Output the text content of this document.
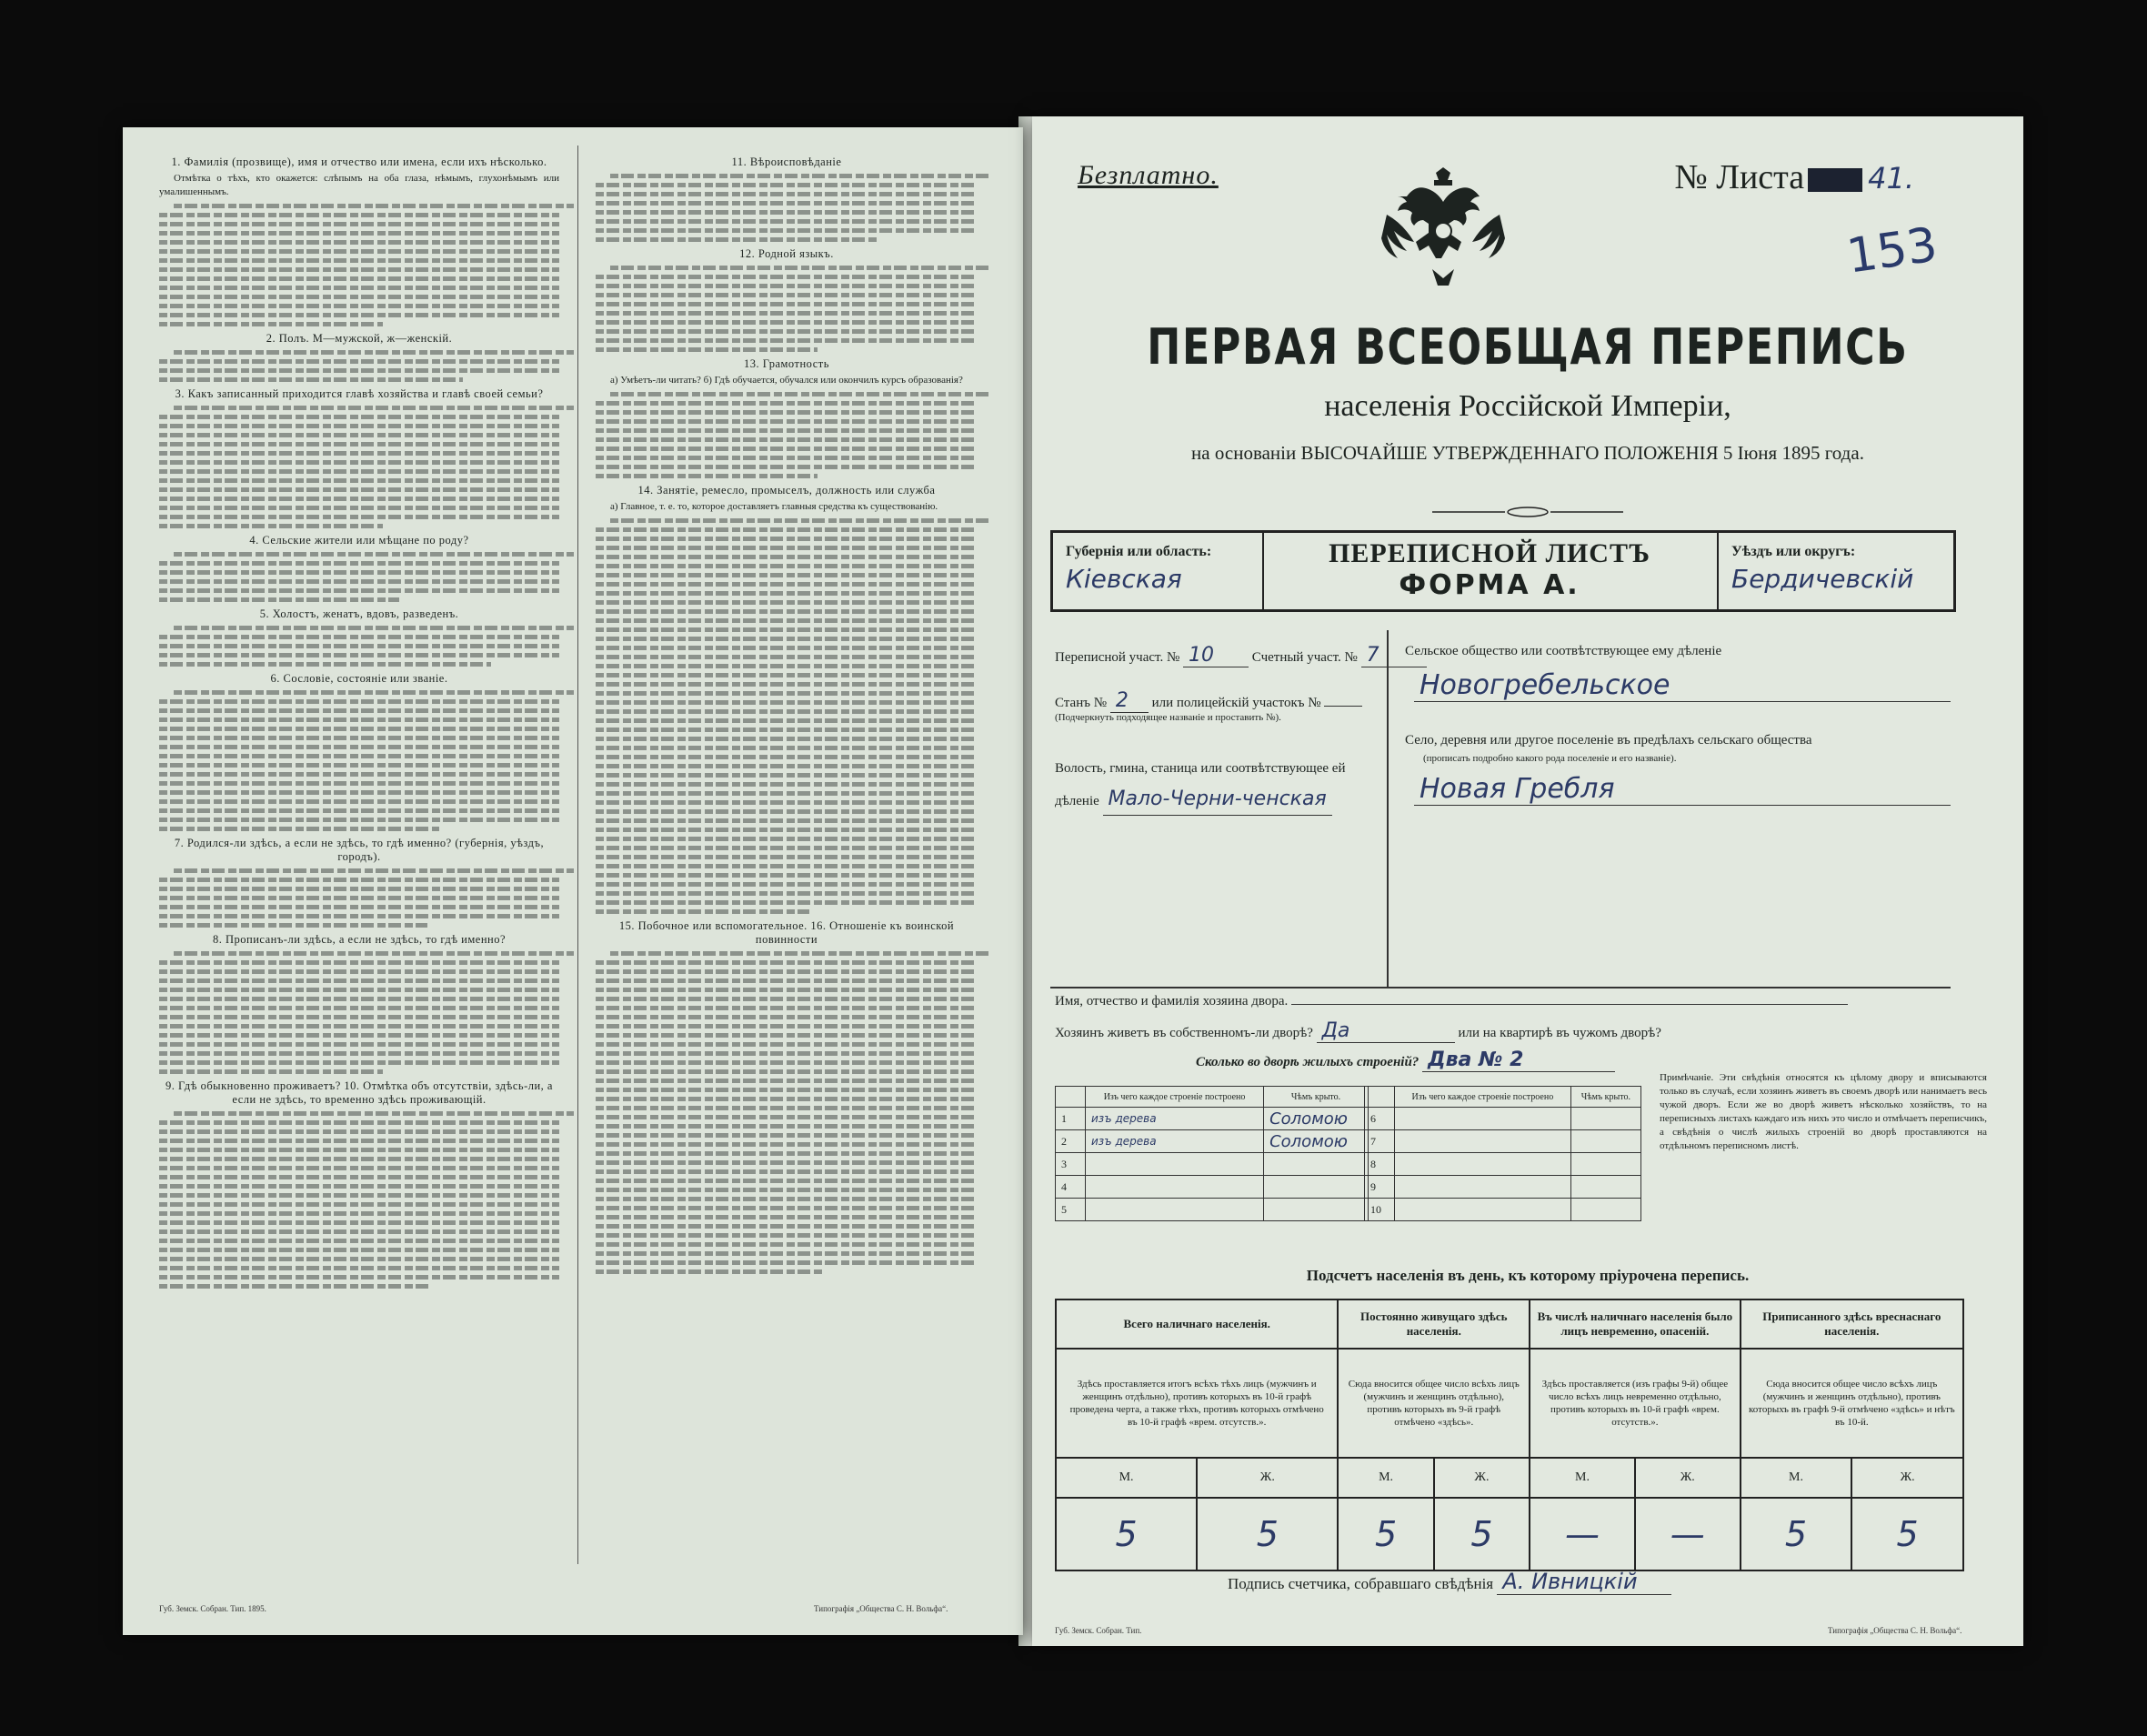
1. Фамилія (прозвище), имя и отчество или имена, если ихъ нѣсколько.

Отмѣтка о тѣхъ, кто окажется: слѣпымъ на оба глаза, нѣмымъ, глухонѣмымъ или умалишеннымъ.

2. Полъ. М—мужской, ж—женскій.
3. Какъ записанный приходится главѣ хозяйства и главѣ своей семьи?
4. Сельские жители или мѣщане по роду?
5. Холостъ, женатъ, вдовъ, разведенъ.
6. Сословіе, состояніе или званіе.
7. Родился-ли здѣсь, а если не здѣсь, то гдѣ именно? (губернія, уѣздъ, городъ).
8. Прописанъ-ли здѣсь, а если не здѣсь, то гдѣ именно?
9. Гдѣ обыкновенно проживаетъ? 10. Отмѣтка объ отсутствіи, здѣсь-ли, а если не здѣсь, то временно здѣсь проживающій.
11. Вѣроисповѣданіе
12. Родной языкъ.
13. Грамотность

а) Умѣетъ-ли читать? б) Гдѣ обучается, обучался или окончилъ курсъ образованія?

14. Занятіе, ремесло, промыселъ, должность или служба

а) Главное, т. е. то, которое доставляетъ главныя средства къ существованію.

15. Побочное или вспомогательное. 16. Отношеніе къ воинской повинности
Губ. Земск. Собран. Тип. 1895.	Типографія „Общества С. Н. Вольфа“.
Безплатно.	№ Листа 41.
153
ПЕРВАЯ ВСЕОБЩАЯ ПЕРЕПИСЬ
населенія Россійской Имперіи,
на основаніи ВЫСОЧАЙШЕ УТВЕРЖДЕННАГО ПОЛОЖЕНІЯ 5 Іюня 1895 года.
Губернія или область:
Кіевская
ПЕРЕПИСНОЙ ЛИСТЪ
ФОРМА А.
Уѣздъ или округъ:
Бердичевскій
Переписной участ. № 10	Счетный участ. № 7
Станъ № 2 или полицейскій участокъ №
(Подчеркнуть подходящее названіе и проставить №).
Волость, гмина, станица или соотвѣтствующее ей дѣленіе Мало-Черни-ченская
Сельское общество или соотвѣтствующее ему дѣленіе
Новогребельское
Село, деревня или другое поселеніе въ предѣлахъ сельскаго общества
(прописать подробно какого рода поселеніе и его названіе).
Новая Гребля
Имя, отчество и фамилія хозяина двора.
Хозяинъ живетъ въ собственномъ-ли дворѣ? Да	или на квартирѣ въ чужомъ дворѣ?
Сколько во дворѣ жилыхъ строеній? Два № 2
	Изъ чего каждое строеніе построено	Чѣмъ крыто.
1	изъ дерева	Соломою
2	изъ дерева	Соломою
3		
4		
5		
	Изъ чего каждое строеніе построено	Чѣмъ крыто.
6		
7		
8		
9		
10		
Примѣчаніе. Эти свѣдѣнія относятся къ цѣлому двору и вписываются только въ случаѣ, если хозяинъ живетъ въ своемъ дворѣ или нанимаетъ весь чужой дворъ. Если же во дворѣ живетъ нѣсколько хозяйствъ, то на переписныхъ листахъ каждаго изъ нихъ это число и отмѣчаетъ переписчикъ, а свѣдѣнія о числѣ жилыхъ строеній во дворѣ проставляются на отдѣльномъ переписномъ листѣ.
Подсчетъ населенія въ день, къ которому пріурочена перепись.
Всего наличнаго населенія.		Постоянно живущаго здѣсь населенія.		Въ числѣ наличнаго населенія было лицъ невременно, опасеній.		Приписанного здѣсь вреснаснаго населенія.	
Здѣсь проставляется итогъ всѣхъ тѣхъ лицъ (мужчинъ и женщинъ отдѣльно), противъ которыхъ въ 10-й графѣ проведена черта, а также тѣхъ, противъ которыхъ отмѣчено въ 10-й графѣ «врем. отсутств.».		Сюда вносится общее число всѣхъ лицъ (мужчинъ и женщинъ отдѣльно), противъ которыхъ въ 9-й графѣ отмѣчено «здѣсь».		Здѣсь проставляется (изъ графы 9-й) общее число всѣхъ лицъ невременно отдѣльно, противъ которыхъ въ 10-й графѣ «врем. отсутств.».		Сюда вносится общее число всѣхъ лицъ (мужчинъ и женщинъ отдѣльно), противъ которыхъ въ графѣ 9-й отмѣчено «здѣсь» и нѣтъ въ 10-й.	
М.	Ж.	М.	Ж.	М.	Ж.	М.	Ж.
5	5	5	5	—	—	5	5
Подпись счетчика, собравшаго свѣдѣнія А. Ивницкій
Губ. Земск. Собран. Тип.	Типографія „Общества С. Н. Вольфа“.
